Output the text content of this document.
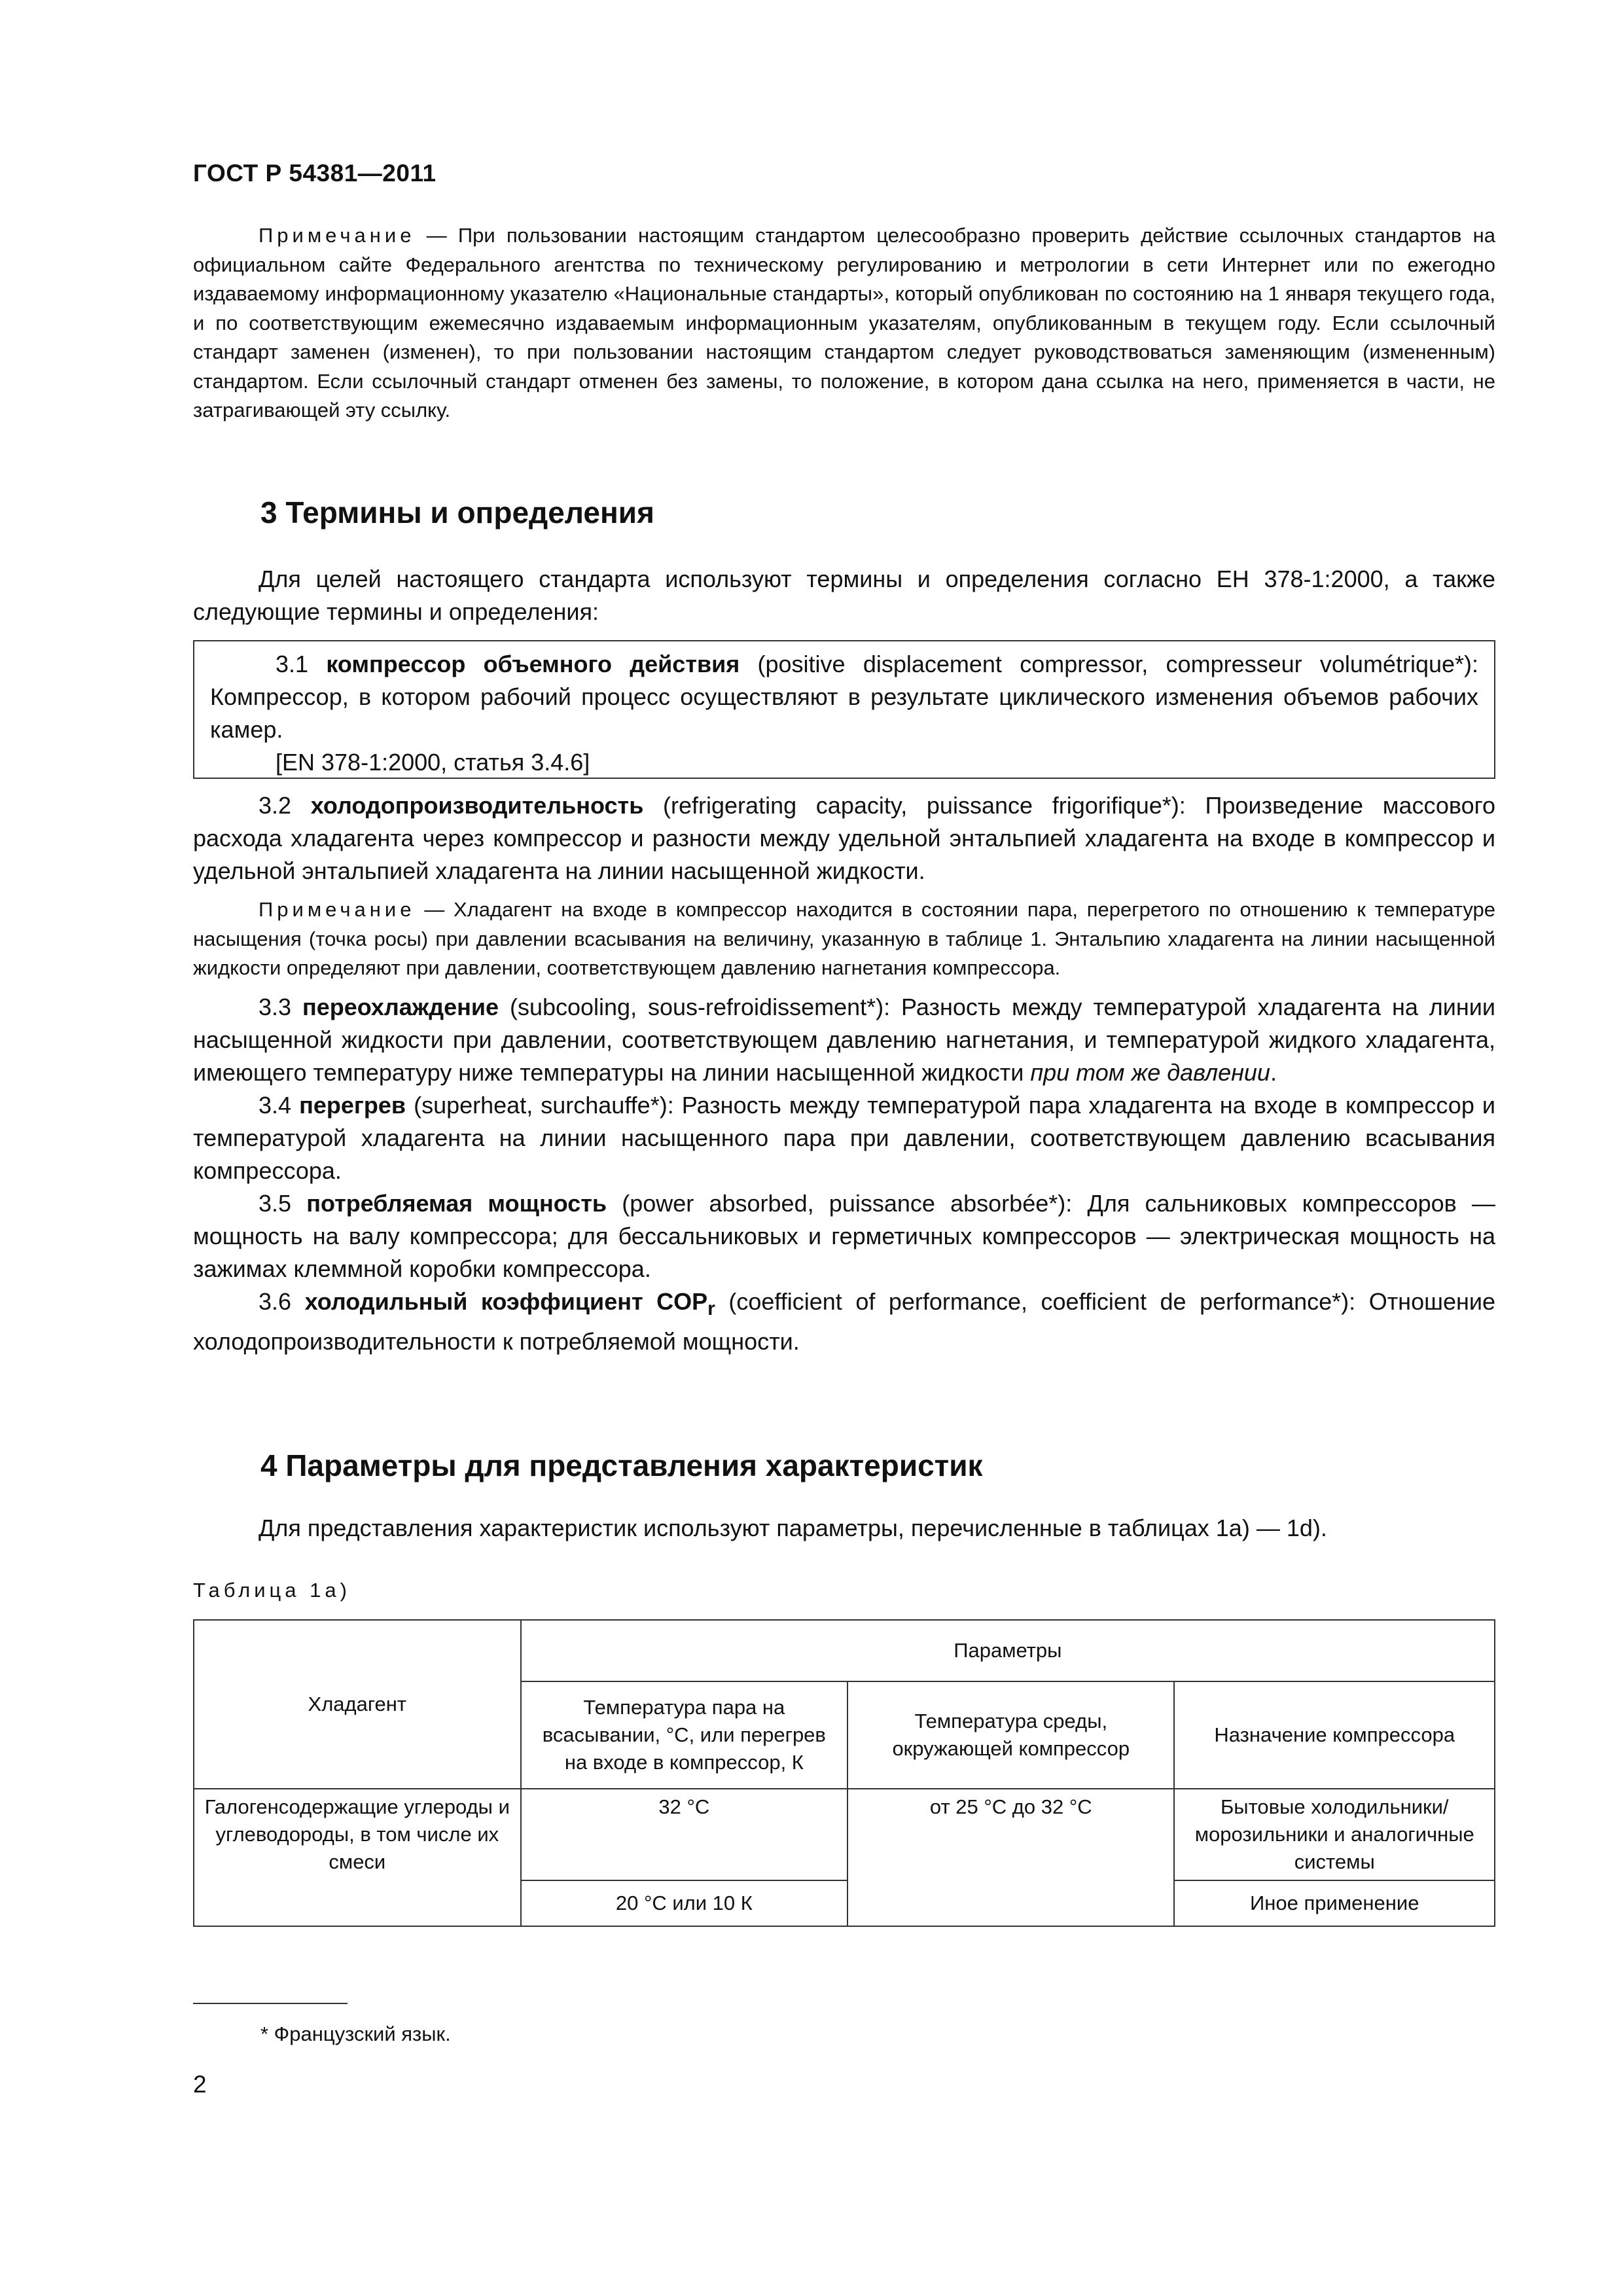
ГОСТ Р 54381—2011
Примечание — При пользовании настоящим стандартом целесообразно проверить действие ссылочных стандартов на официальном сайте Федерального агентства по техническому регулированию и метрологии в сети Интернет или по ежегодно издаваемому информационному указателю «Национальные стандарты», который опубликован по состоянию на 1 января текущего года, и по соответствующим ежемесячно издаваемым информационным указателям, опубликованным в текущем году. Если ссылочный стандарт заменен (изменен), то при пользовании настоящим стандартом следует руководствоваться заменяющим (измененным) стандартом. Если ссылочный стандарт отменен без замены, то положение, в котором дана ссылка на него, применяется в части, не затрагивающей эту ссылку.
3 Термины и определения

Для целей настоящего стандарта используют термины и определения согласно ЕН 378-1:2000, а также следующие термины и определения:

3.1 компрессор объемного действия (positive displacement compressor, compresseur volumétrique*): Компрессор, в котором рабочий процесс осуществляют в результате циклического изменения объемов рабочих камер.

[EN 378-1:2000, статья 3.4.6]

3.2 холодопроизводительность (refrigerating capacity, puissance frigorifique*): Произведение массового расхода хладагента через компрессор и разности между удельной энтальпией хладагента на входе в компрессор и удельной энтальпией хладагента на линии насыщенной жидкости.

Примечание — Хладагент на входе в компрессор находится в состоянии пара, перегретого по отношению к температуре насыщения (точка росы) при давлении всасывания на величину, указанную в таблице 1. Энтальпию хладагента на линии насыщенной жидкости определяют при давлении, соответствующем давлению нагнетания компрессора.

3.3 переохлаждение (subcooling, sous-refroidissement*): Разность между температурой хладагента на линии насыщенной жидкости при давлении, соответствующем давлению нагнетания, и температурой жидкого хладагента, имеющего температуру ниже температуры на линии насыщенной жидкости при том же давлении.

3.4 перегрев (superheat, surchauffe*): Разность между температурой пара хладагента на входе в компрессор и температурой хладагента на линии насыщенного пара при давлении, соответствующем давлению всасывания компрессора.

3.5 потребляемая мощность (power absorbed, puissance absorbée*): Для сальниковых компрессоров — мощность на валу компрессора; для бессальниковых и герметичных компрессоров — электрическая мощность на зажимах клеммной коробки компрессора.

3.6 холодильный коэффициент $COP_r$ (coefficient of performance, coefficient de performance*): Отношение холодопроизводительности к потребляемой мощности.

4 Параметры для представления характеристик

Для представления характеристик используют параметры, перечисленные в таблицах 1а) — 1d).

Таблица 1а)
Хладагент	Параметры		
	Температура пара на всасывании, °С, или перегрев на входе в компрессор, К	Температура среды, окружающей компрессор	Назначение компрессора
Галогенсодержащие углероды и углеводороды, в том числе их смеси	32 °С	от 25 °С до 32 °С	Бытовые холодильники/морозильники и аналогичные системы
	20 °С или 10 К		Иное применение
* Французский язык.
2
